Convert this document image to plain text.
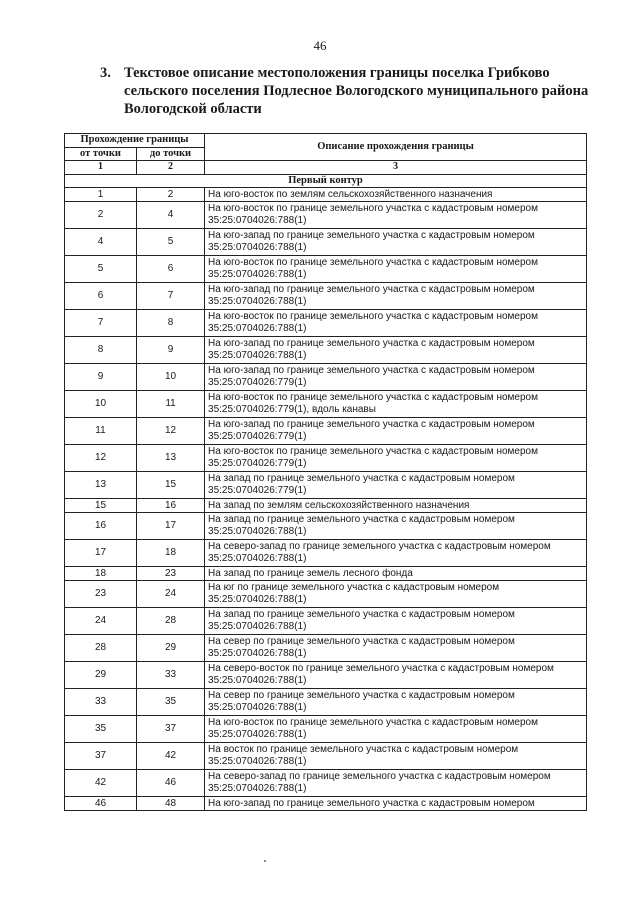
46
3. Текстовое описание местоположения границы поселка Грибково сельского поселения Подлесное Вологодского муниципального района Вологодской области
Прохождение границы		Описание прохождения границы
от точки	до точки	
1	2	3
Первый контур		
1	2	На юго-восток по землям сельскохозяйственного назначения
2	4	На юго-восток по границе земельного участка с кадастровым номером 35:25:0704026:788(1)
4	5	На юго-запад по границе земельного участка с кадастровым номером 35:25:0704026:788(1)
5	6	На юго-восток по границе земельного участка с кадастровым номером 35:25:0704026:788(1)
6	7	На юго-запад по границе земельного участка с кадастровым номером 35:25:0704026:788(1)
7	8	На юго-восток по границе земельного участка с кадастровым номером 35:25:0704026:788(1)
8	9	На юго-запад по границе земельного участка с кадастровым номером 35:25:0704026:788(1)
9	10	На юго-запад по границе земельного участка с кадастровым номером 35:25:0704026:779(1)
10	11	На юго-восток по границе земельного участка с кадастровым номером 35:25:0704026:779(1), вдоль канавы
11	12	На юго-запад по границе земельного участка с кадастровым номером 35:25:0704026:779(1)
12	13	На юго-восток по границе земельного участка с кадастровым номером 35:25:0704026:779(1)
13	15	На запад по границе земельного участка с кадастровым номером 35:25:0704026:779(1)
15	16	На запад по землям сельскохозяйственного назначения
16	17	На запад по границе земельного участка с кадастровым номером 35:25:0704026:788(1)
17	18	На северо-запад по границе земельного участка с кадастровым номером 35:25:0704026:788(1)
18	23	На запад по границе земель лесного фонда
23	24	На юг по границе земельного участка с кадастровым номером 35:25:0704026:788(1)
24	28	На запад по границе земельного участка с кадастровым номером 35:25:0704026:788(1)
28	29	На север по границе земельного участка с кадастровым номером 35:25:0704026:788(1)
29	33	На северо-восток по границе земельного участка с кадастровым номером 35:25:0704026:788(1)
33	35	На север по границе земельного участка с кадастровым номером 35:25:0704026:788(1)
35	37	На юго-восток по границе земельного участка с кадастровым номером 35:25:0704026:788(1)
37	42	На восток по границе земельного участка с кадастровым номером 35:25:0704026:788(1)
42	46	На северо-запад по границе земельного участка с кадастровым номером 35:25:0704026:788(1)
46	48	На юго-запад по границе земельного участка с кадастровым номером
